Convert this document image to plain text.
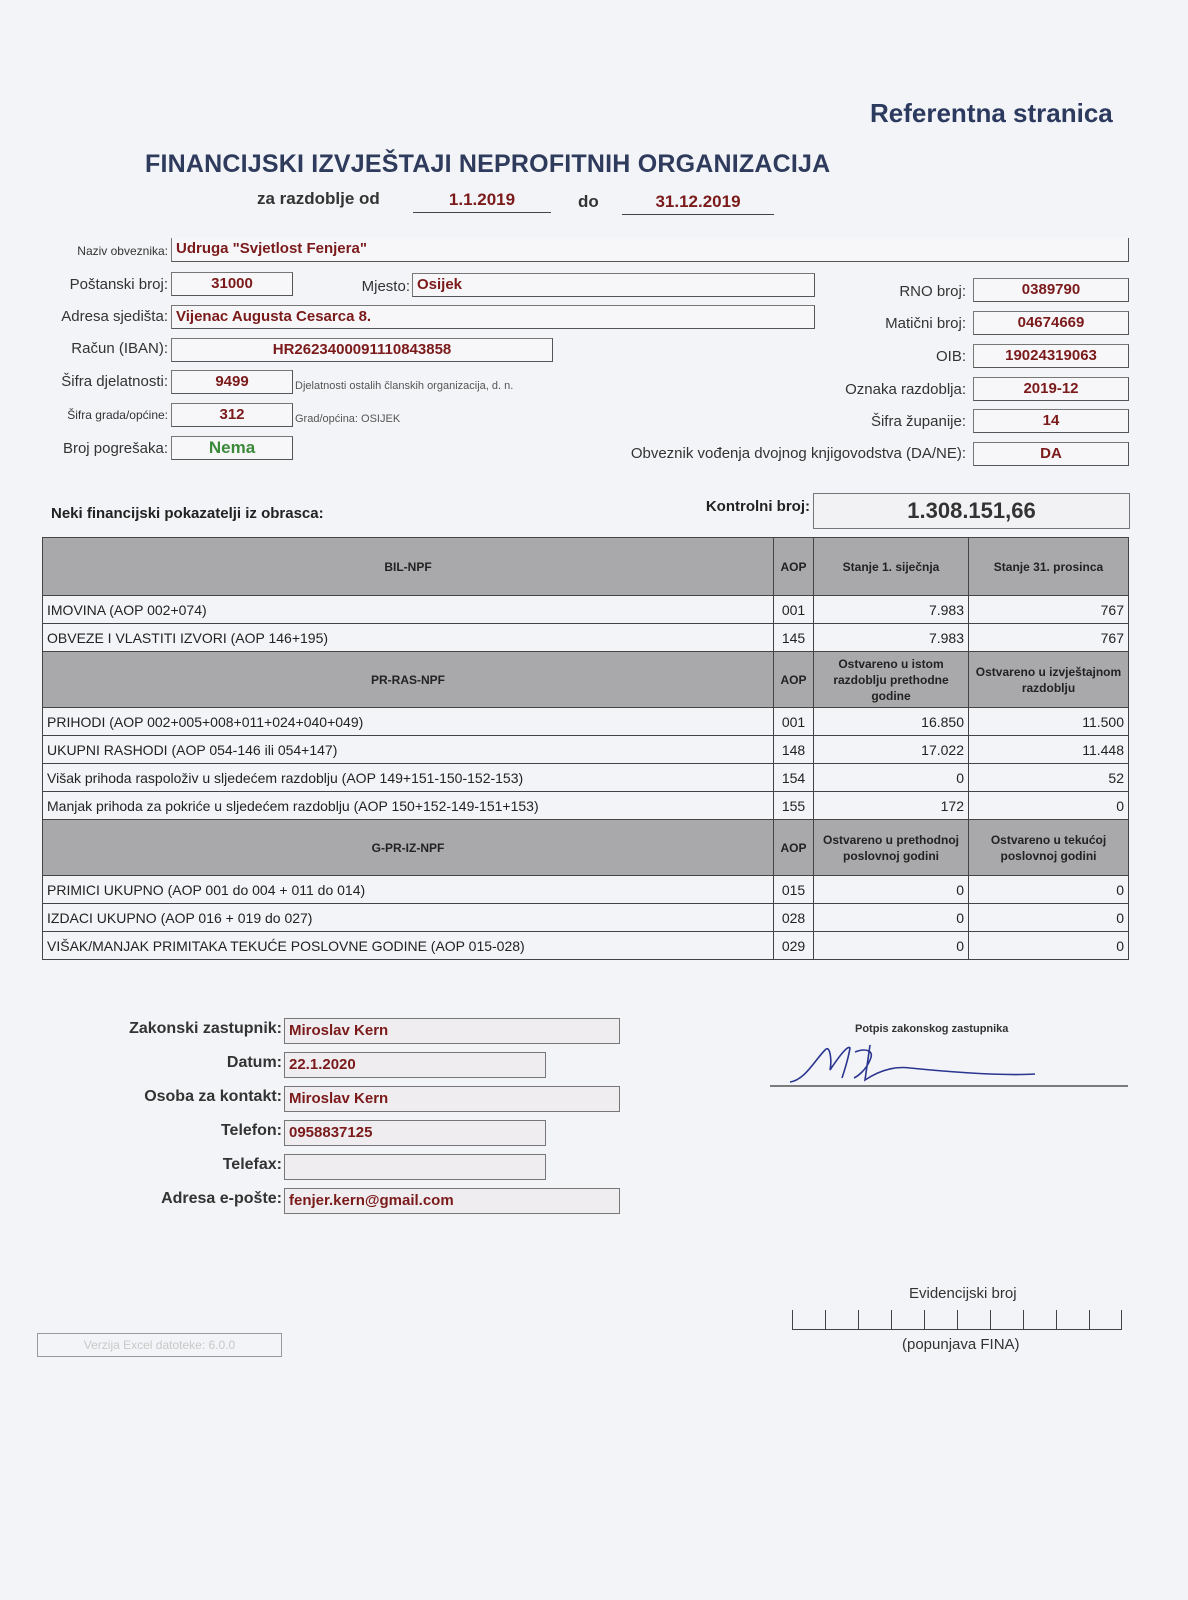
Referentna stranica
FINANCIJSKI IZVJEŠTAJI NEPROFITNIH ORGANIZACIJA
za razdoblje od	1.1.2019	do	31.12.2019
Naziv obveznika: Udruga "Svjetlost Fenjera"
Poštanski broj:	31000	Mjesto: Osijek
Adresa sjedišta: Vijenac Augusta Cesarca 8.
Račun (IBAN):	HR2623400091110843858
Šifra djelatnosti:	9499	Djelatnosti ostalih članskih organizacija, d. n.
Šifra grada/općine:	312	Grad/općina: OSIJEK
Broj pogrešaka:	Nema
RNO broj:	0389790
Matični broj:	04674669
OIB:	19024319063
Oznaka razdoblja:	2019-12
Šifra županije:	14
Obveznik vođenja dvojnog knjigovodstva (DA/NE):	DA
Neki financijski pokazatelji iz obrasca:	Kontrolni broj:	1.308.151,66
BIL-NPF	AOP	Stanje 1. siječnja	Stanje 31. prosinca
IMOVINA (AOP 002+074)	001	7.983	767
OBVEZE I VLASTITI IZVORI (AOP 146+195)	145	7.983	767
PR-RAS-NPF	AOP	Ostvareno u istom razdoblju prethodne godine	Ostvareno u izvještajnom razdoblju
PRIHODI (AOP 002+005+008+011+024+040+049)	001	16.850	11.500
UKUPNI RASHODI (AOP 054-146 ili 054+147)	148	17.022	11.448
Višak prihoda raspoloživ u sljedećem razdoblju (AOP 149+151-150-152-153)	154	0	52
Manjak prihoda za pokriće u sljedećem razdoblju (AOP 150+152-149-151+153)	155	172	0
G-PR-IZ-NPF	AOP	Ostvareno u prethodnoj poslovnoj godini	Ostvareno u tekućoj poslovnoj godini
PRIMICI UKUPNO (AOP 001 do 004 + 011 do 014)	015	0	0
IZDACI UKUPNO (AOP 016 + 019 do 027)	028	0	0
VIŠAK/MANJAK PRIMITAKA TEKUĆE POSLOVNE GODINE (AOP 015-028)	029	0	0
Zakonski zastupnik: Miroslav Kern
Datum: 22.1.2020
Osoba za kontakt: Miroslav Kern
Telefon: 0958837125
Telefax:
Adresa e-pošte: fenjer.kern@gmail.com
Potpis zakonskog zastupnika
Evidencijski broj
(popunjava FINA)
Verzija Excel datoteke: 6.0.0
